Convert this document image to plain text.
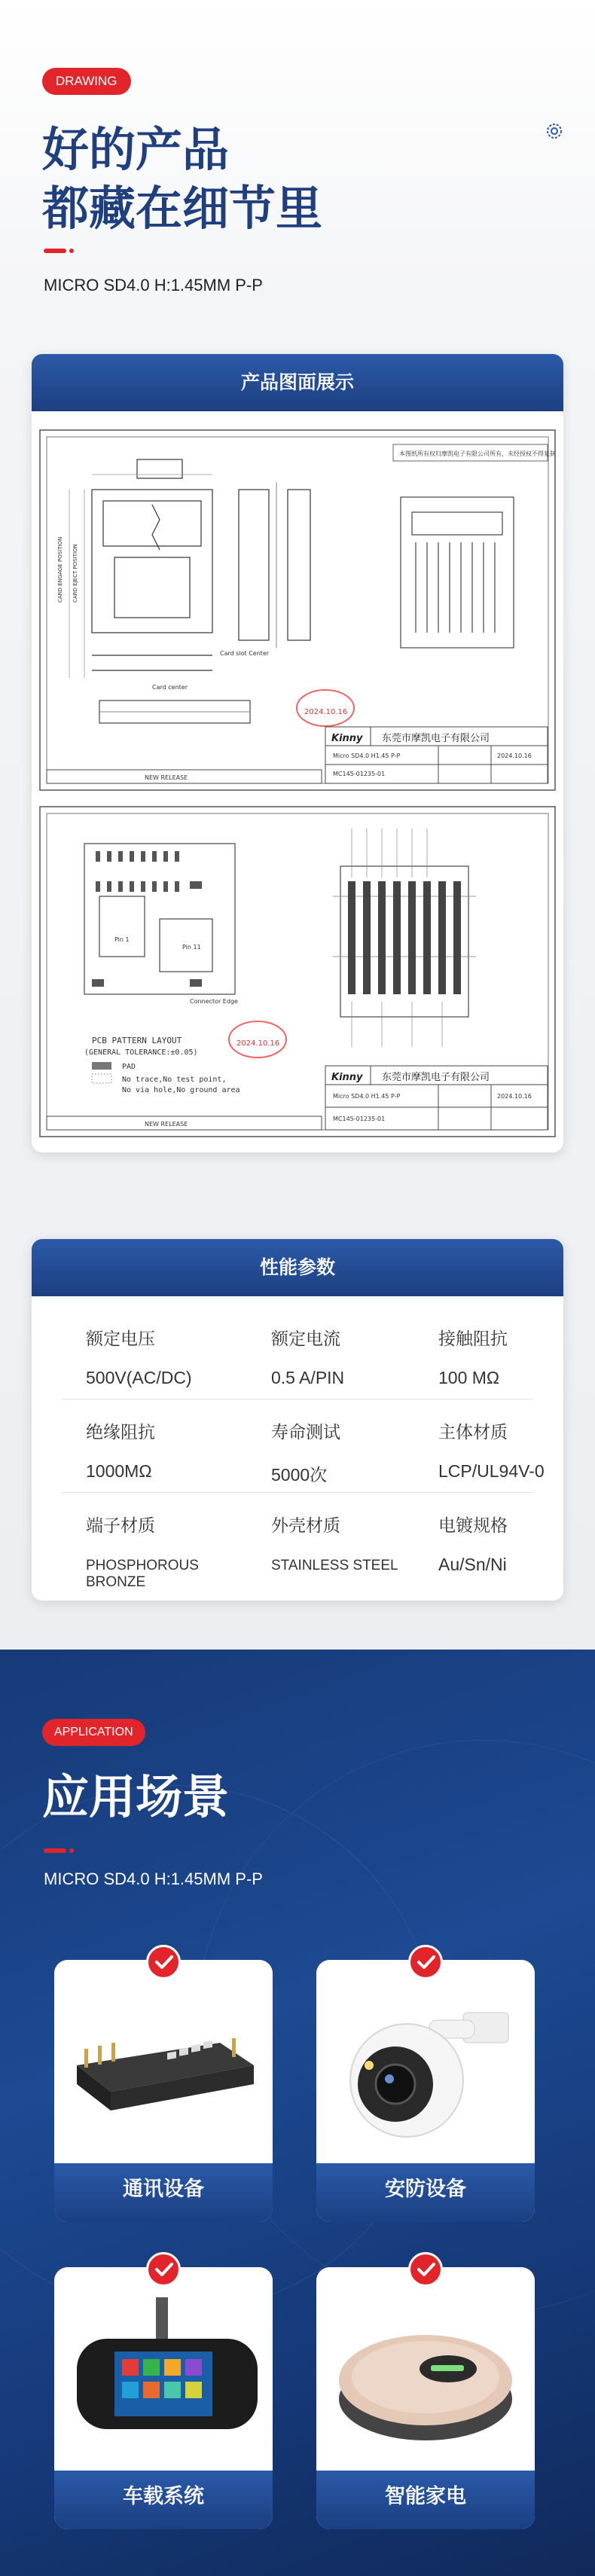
DRAWING
好的产品
都藏在细节里
MICRO SD4.0 H:1.45MM P-P
产品图面展示
CARD ENGAGE POSITION CARD EJECT POSITION
Card slot Center
Card center
本图纸所有权归摩凯电子有限公司所有，未经授权不得复制
2024.10.16
Kinny 东莞市摩凯电子有限公司
Micro SD4.0 H1.45 P-P
MC145-01235-01
2024.10.16
NEW RELEASE
Pin 1
Pin 11
Connector Edge
PCB PATTERN LAYOUT
(GENERAL TOLERANCE:±0.05)
PAD
No trace,No test point,
No via hole,No ground area
2024.10.16
Kinny 东莞市摩凯电子有限公司
Micro SD4.0 H1.45 P-P
MC145-01235-01
2024.10.16
NEW RELEASE
性能参数
额定电压
500V(AC/DC)
额定电流
0.5 A/PIN
接触阻抗
100 MΩ
绝缘阻抗
1000MΩ
寿命测试
5000次
主体材质
LCP/UL94V-0
端子材质
PHOSPHOROUS BRONZE
外壳材质
STAINLESS STEEL
电镀规格
Au/Sn/Ni
APPLICATION
应用场景
MICRO SD4.0 H:1.45MM P-P
通讯设备	安防设备
车载系统	智能家电
